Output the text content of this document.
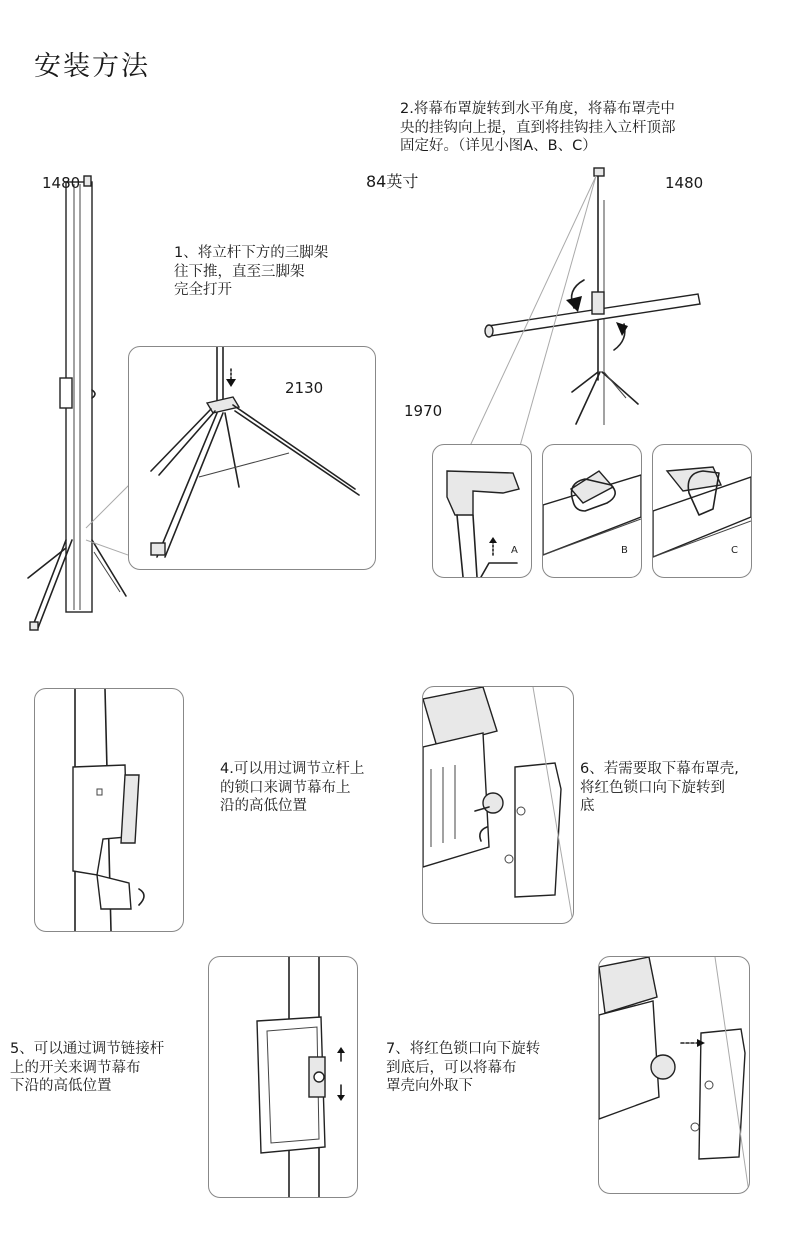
安装方法
1480	1480
84英寸
1970
1、将立杆下方的三脚架
往下推，直至三脚架
完全打开
2.将幕布罩旋转到水平角度，将幕布罩壳中
央的挂钩向上提，直到将挂钩挂入立杆顶部
固定好。（详见小图A、B、C）
2130
A	B	C
4.可以用过调节立杆上
的锁口来调节幕布上
沿的高低位置
6、若需要取下幕布罩壳,
将红色锁口向下旋转到
底
5、可以通过调节链接杆
上的开关来调节幕布
下沿的高低位置
7、将红色锁口向下旋转
到底后，可以将幕布
罩壳向外取下
